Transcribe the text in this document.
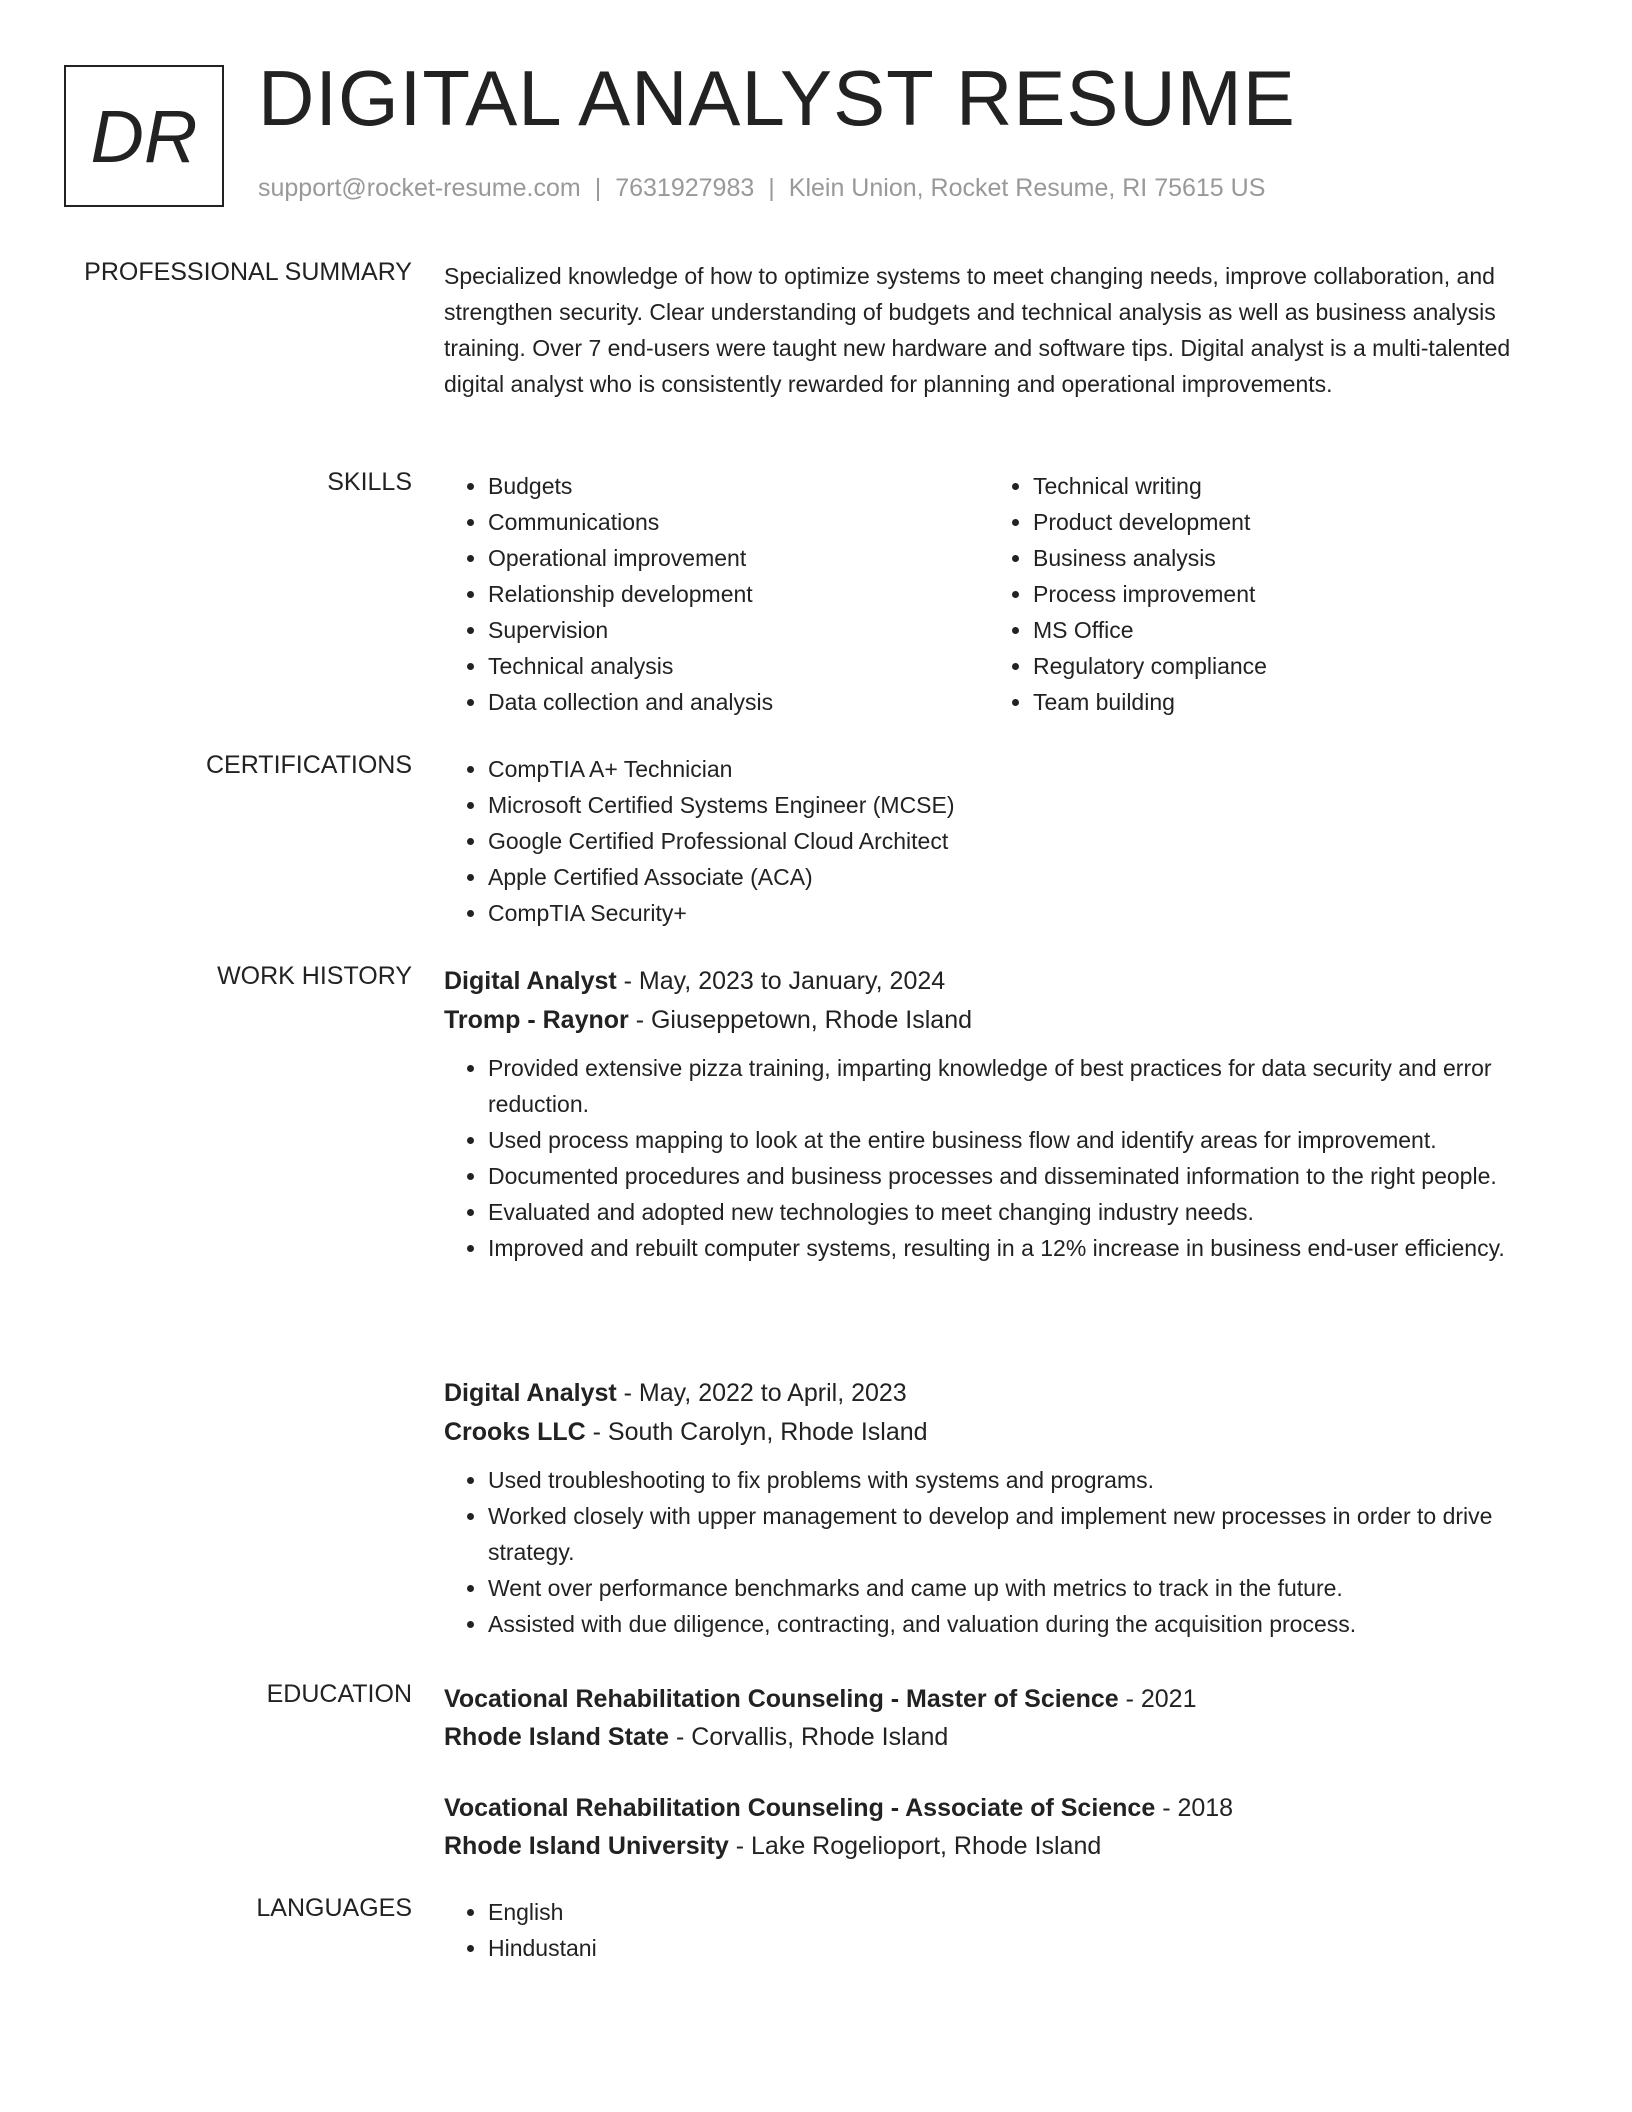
DR DIGITAL ANALYST RESUME
support@rocket-resume.com | 7631927983 | Klein Union, Rocket Resume, RI 75615 US
PROFESSIONAL SUMMARY Specialized knowledge of how to optimize systems to meet changing needs, improve collaboration, and strengthen security. Clear understanding of budgets and technical analysis as well as business analysis training. Over 7 end-users were taught new hardware and software tips. Digital analyst is a multi-talented digital analyst who is consistently rewarded for planning and operational improvements.

SKILLS	• Budgets
• Communications
• Operational improvement
• Relationship development
• Supervision
• Technical analysis
• Data collection and analysis
• Technical writing
• Product development
• Business analysis
• Process improvement
• MS Office
• Regulatory compliance
• Team building
CERTIFICATIONS	• CompTIA A+ Technician
• Microsoft Certified Systems Engineer (MCSE)
• Google Certified Professional Cloud Architect
• Apple Certified Associate (ACA)
• CompTIA Security+
WORK HISTORY Digital Analyst - May, 2023 to January, 2024
Tromp - Raynor - Giuseppetown, Rhode Island
• Provided extensive pizza training, imparting knowledge of best practices for data security and error reduction.
• Used process mapping to look at the entire business flow and identify areas for improvement.
• Documented procedures and business processes and disseminated information to the right people.
• Evaluated and adopted new technologies to meet changing industry needs.
• Improved and rebuilt computer systems, resulting in a 12% increase in business end-user efficiency.
Digital Analyst - May, 2022 to April, 2023
Crooks LLC - South Carolyn, Rhode Island
• Used troubleshooting to fix problems with systems and programs.
• Worked closely with upper management to develop and implement new processes in order to drive strategy.
• Went over performance benchmarks and came up with metrics to track in the future.
• Assisted with due diligence, contracting, and valuation during the acquisition process.
EDUCATION Vocational Rehabilitation Counseling - Master of Science - 2021
Rhode Island State - Corvallis, Rhode Island
Vocational Rehabilitation Counseling - Associate of Science - 2018
Rhode Island University - Lake Rogelioport, Rhode Island
LANGUAGES	• English
• Hindustani
